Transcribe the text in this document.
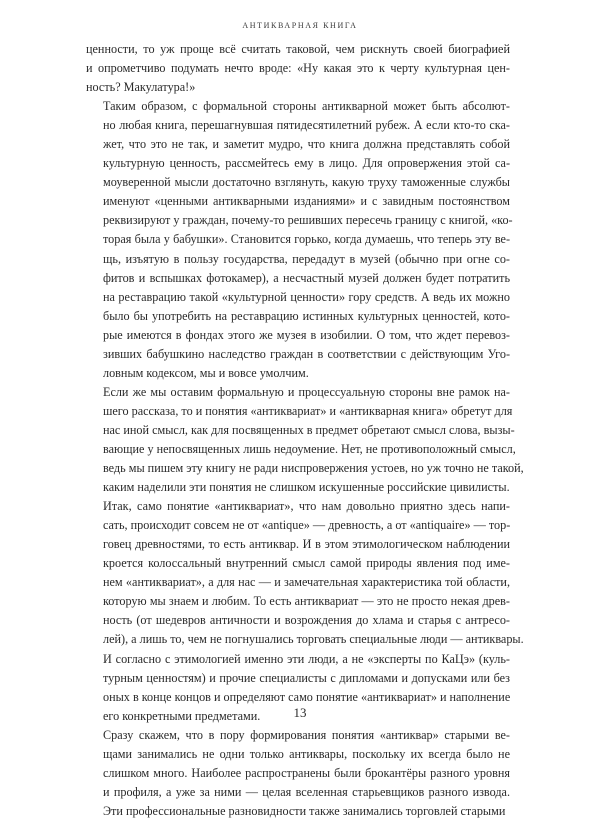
АНТИКВАРНАЯ КНИГА

ценности, то уж проще всё считать таковой, чем рискнуть своей биографией
и опрометчиво подумать нечто вроде: «Ну какая это к черту культурная цен-
ность? Макулатура!»

Таким образом, с формальной стороны антикварной может быть абсолют-
но любая книга, перешагнувшая пятидесятилетний рубеж. А если кто-то ска-
жет, что это не так, и заметит мудро, что книга должна представлять собой
культурную ценность, рассмейтесь ему в лицо. Для опровержения этой са-
моуверенной мысли достаточно взглянуть, какую труху таможенные службы
именуют «ценными антикварными изданиями» и с завидным постоянством
реквизируют у граждан, почему-то решивших пересечь границу с книгой, «ко-
торая была у бабушки». Становится горько, когда думаешь, что теперь эту ве-
щь, изъятую в пользу государства, передадут в музей (обычно при огне со-
фитов и вспышках фотокамер), а несчастный музей должен будет потратить
на реставрацию такой «культурной ценности» гору средств. А ведь их можно
было бы употребить на реставрацию истинных культурных ценностей, кото-
рые имеются в фондах этого же музея в изобилии. О том, что ждет перевоз-
зивших бабушкино наследство граждан в соответствии с действующим Уго-
ловным кодексом, мы и вовсе умолчим.

Если же мы оставим формальную и процессуальную стороны вне рамок на-
шего рассказа, то и понятия «антиквариат» и «антикварная книга» обретут для
нас иной смысл, как для посвященных в предмет обретают смысл слова, вызы-
вающие у непосвященных лишь недоумение. Нет, не противоположный смысл,
ведь мы пишем эту книгу не ради ниспровержения устоев, но уж точно не такой,
каким наделили эти понятия не слишком искушенные российские цивилисты.

Итак, само понятие «антиквариат», что нам довольно приятно здесь напи-
сать, происходит совсем не от «antique» — древность, а от «antiquaire» — тор-
говец древностями, то есть антиквар. И в этом этимологическом наблюдении
кроется колоссальный внутренний смысл самой природы явления под име-
нем «антиквариат», а для нас — и замечательная характеристика той области,
которую мы знаем и любим. То есть антиквариат — это не просто некая древ-
ность (от шедевров античности и возрождения до хлама и старья с антресо-
лей), а лишь то, чем не погнушались торговать специальные люди — антиквары.
И согласно с этимологией именно эти люди, а не «эксперты по КаЦэ» (куль-
турным ценностям) и прочие специалисты с дипломами и допусками или без
оных в конце концов и определяют само понятие «антиквариат» и наполнение
его конкретными предметами.

Сразу скажем, что в пору формирования понятия «антиквар» старыми ве-
щами занимались не одни только антиквары, поскольку их всегда было не
слишком много. Наиболее распространены были брокантёры разного уровня
и профиля, а уже за ними — целая вселенная старьевщиков разного извода.
Эти профессиональные разновидности также занимались торговлей старыми

13
